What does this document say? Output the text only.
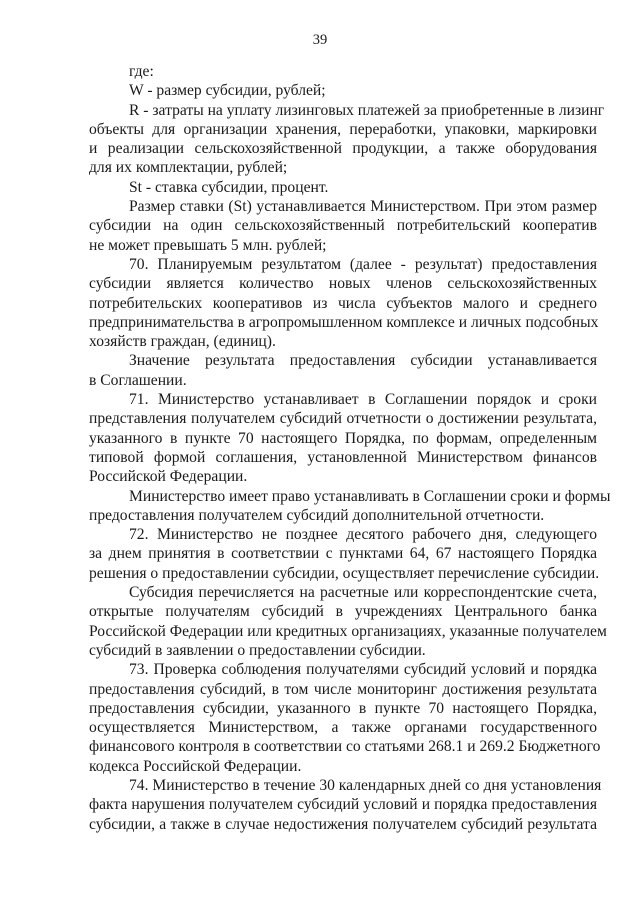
39
где:
W - размер субсидии, рублей;
R - затраты на уплату лизинговых платежей за приобретенные в лизинг
объекты для организации хранения, переработки, упаковки, маркировки
и реализации сельскохозяйственной продукции, а также оборудования
для их комплектации, рублей;
St - ставка субсидии, процент.
Размер ставки (St) устанавливается Министерством. При этом размер
субсидии на один сельскохозяйственный потребительский кооператив
не может превышать 5 млн. рублей;
70. Планируемым результатом (далее - результат) предоставления
субсидии является количество новых членов сельскохозяйственных
потребительских кооперативов из числа субъектов малого и среднего
предпринимательства в агропромышленном комплексе и личных подсобных
хозяйств граждан, (единиц).
Значение результата предоставления субсидии устанавливается
в Соглашении.
71. Министерство устанавливает в Соглашении порядок и сроки
представления получателем субсидий отчетности о достижении результата,
указанного в пункте 70 настоящего Порядка, по формам, определенным
типовой формой соглашения, установленной Министерством финансов
Российской Федерации.
Министерство имеет право устанавливать в Соглашении сроки и формы
предоставления получателем субсидий дополнительной отчетности.
72. Министерство не позднее десятого рабочего дня, следующего
за днем принятия в соответствии с пунктами 64, 67 настоящего Порядка
решения о предоставлении субсидии, осуществляет перечисление субсидии.
Субсидия перечисляется на расчетные или корреспондентские счета,
открытые получателям субсидий в учреждениях Центрального банка
Российской Федерации или кредитных организациях, указанные получателем
субсидий в заявлении о предоставлении субсидии.
73. Проверка соблюдения получателями субсидий условий и порядка
предоставления субсидий, в том числе мониторинг достижения результата
предоставления субсидии, указанного в пункте 70 настоящего Порядка,
осуществляется Министерством, а также органами государственного
финансового контроля в соответствии со статьями 268.1 и 269.2 Бюджетного
кодекса Российской Федерации.
74. Министерство в течение 30 календарных дней со дня установления
факта нарушения получателем субсидий условий и порядка предоставления
субсидии, а также в случае недостижения получателем субсидий результата
